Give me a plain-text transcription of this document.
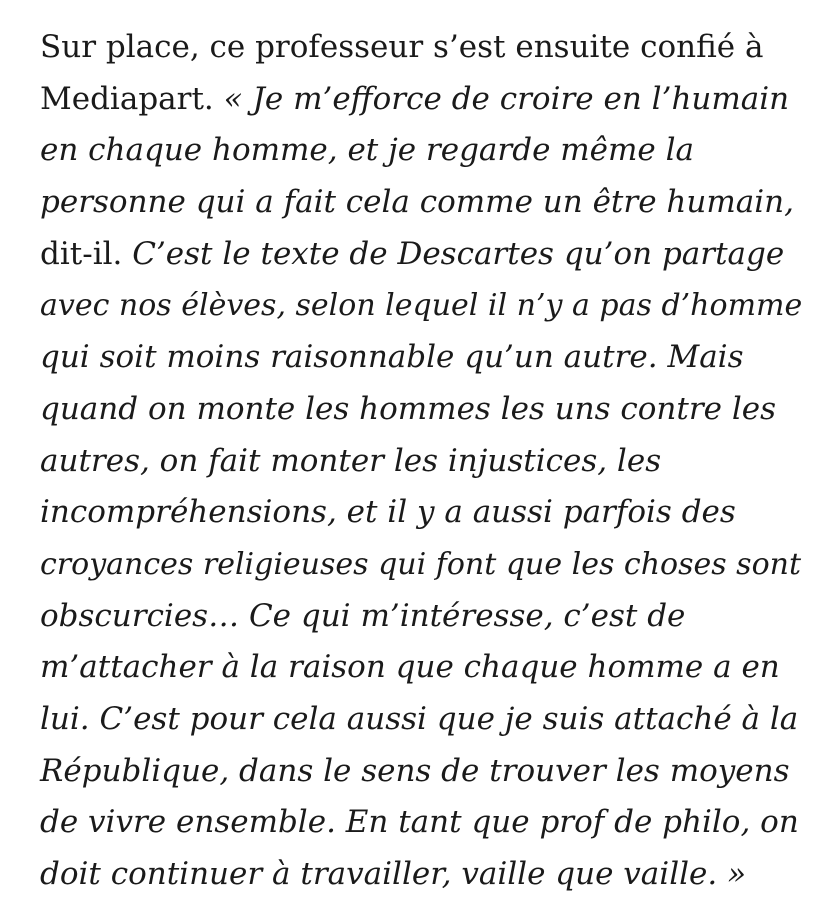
Sur place, ce professeur s’est ensuite confié à
Mediapart. « Je m’efforce de croire en l’humain
en chaque homme, et je regarde même la
personne qui a fait cela comme un être humain,
dit-il. C’est le texte de Descartes qu’on partage
avec nos élèves, selon lequel il n’y a pas d’homme
qui soit moins raisonnable qu’un autre. Mais
quand on monte les hommes les uns contre les
autres, on fait monter les injustices, les
incompréhensions, et il y a aussi parfois des
croyances religieuses qui font que les choses sont
obscurcies… Ce qui m’intéresse, c’est de
m’attacher à la raison que chaque homme a en
lui. C’est pour cela aussi que je suis attaché à la
République, dans le sens de trouver les moyens
de vivre ensemble. En tant que prof de philo, on
doit continuer à travailler, vaille que vaille. »
